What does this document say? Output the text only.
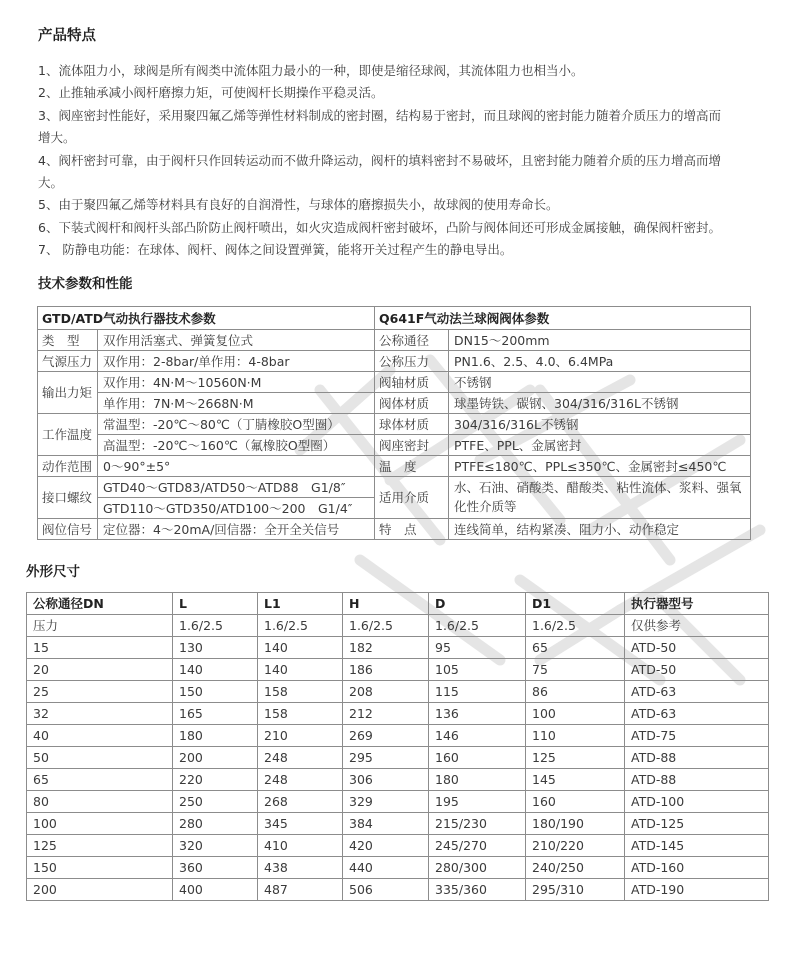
产品特点
1、流体阻力小，球阀是所有阀类中流体阻力最小的一种，即使是缩径球阀，其流体阻力也相当小。
2、止推轴承减小阀杆磨擦力矩，可使阀杆长期操作平稳灵活。
3、阀座密封性能好，采用聚四氟乙烯等弹性材料制成的密封圈，结构易于密封，而且球阀的密封能力随着介质压力的增高而增大。
4、阀杆密封可靠，由于阀杆只作回转运动而不做升降运动，阀杆的填料密封不易破坏，且密封能力随着介质的压力增高而增大。
5、由于聚四氟乙烯等材料具有良好的自润滑性，与球体的磨擦损失小，故球阀的使用寿命长。
6、下装式阀杆和阀杆头部凸阶防止阀杆喷出，如火灾造成阀杆密封破坏，凸阶与阀体间还可形成金属接触，确保阀杆密封。
7、 防静电功能：在球体、阀杆、阀体之间设置弹簧，能将开关过程产生的静电导出。
技术参数和性能
GTD/ATD气动执行器技术参数		Q641F气动法兰球阀阀体参数	
类　型	双作用活塞式、弹簧复位式	公称通径	DN15～200mm
气源压力	双作用：2-8bar/单作用：4-8bar	公称压力	PN1.6、2.5、4.0、6.4MPa
输出力矩	双作用：4N·M～10560N·M	阀轴材质	不锈钢
	单作用：7N·M～2668N·M	阀体材质	球墨铸铁、碳钢、304/316/316L不锈钢
工作温度	常温型：-20℃～80℃（丁腈橡胶O型圈）	球体材质	304/316/316L不锈钢
	高温型：-20℃～160℃（氟橡胶O型圈）	阀座密封	PTFE、PPL、金属密封
动作范围	0～90°±5°	温　度	PTFE≤180℃、PPL≤350℃、金属密封≤450℃
接口螺纹	GTD40～GTD83/ATD50～ATD88　G1/8″	适用介质	水、石油、硝酸类、醋酸类、粘性流体、浆料、强氧化性介质等
	GTD110～GTD350/ATD100～200　G1/4″		
阀位信号	定位器：4～20mA/回信器：全开全关信号	特　点	连线简单，结构紧凑、阻力小、动作稳定
外形尺寸
公称通径DN	L	L1	H	D	D1	执行器型号
压力	1.6/2.5	1.6/2.5	1.6/2.5	1.6/2.5	1.6/2.5	仅供参考
15	130	140	182	95	65	ATD-50
20	140	140	186	105	75	ATD-50
25	150	158	208	115	86	ATD-63
32	165	158	212	136	100	ATD-63
40	180	210	269	146	110	ATD-75
50	200	248	295	160	125	ATD-88
65	220	248	306	180	145	ATD-88
80	250	268	329	195	160	ATD-100
100	280	345	384	215/230	180/190	ATD-125
125	320	410	420	245/270	210/220	ATD-145
150	360	438	440	280/300	240/250	ATD-160
200	400	487	506	335/360	295/310	ATD-190
